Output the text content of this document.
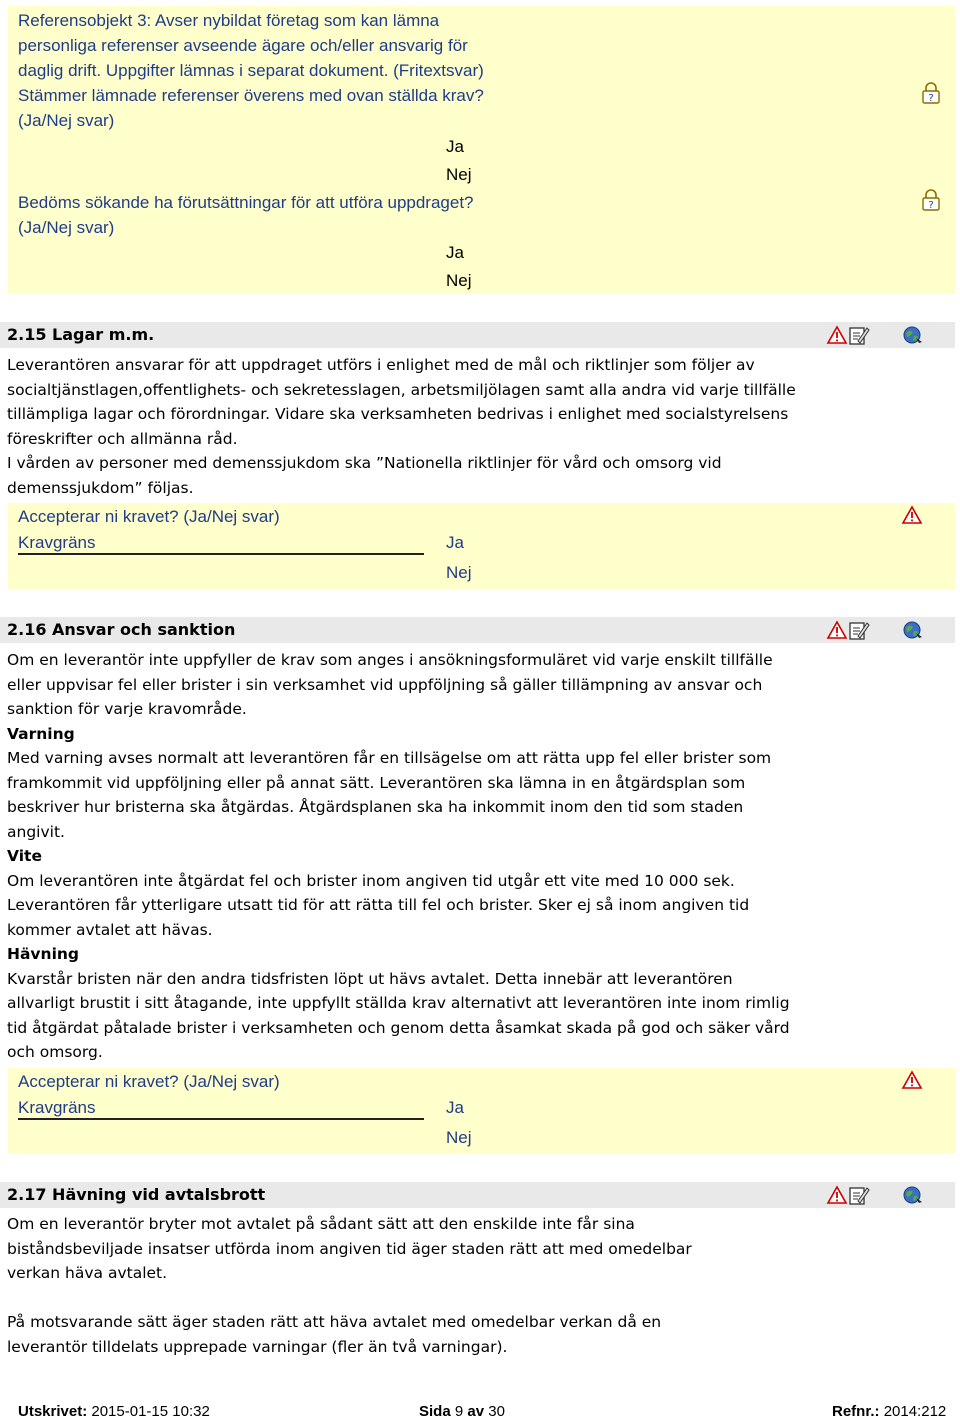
Referensobjekt 3: Avser nybildat företag som kan lämna
personliga referenser avseende ägare och/eller ansvarig för
daglig drift. Uppgifter lämnas i separat dokument. (Fritextsvar)
Stämmer lämnade referenser överens med ovan ställda krav?
(Ja/Nej svar)
Ja
Nej
Bedöms sökande ha förutsättningar för att utföra uppdraget?
(Ja/Nej svar)
Ja
Nej
?
?
2.15 Lagar m.m.

Leverantören ansvarar för att uppdraget utförs i enlighet med de mål och riktlinjer som följer av socialtjänstlagen,offentlighets- och sekretesslagen, arbetsmiljölagen samt alla andra vid varje tillfälle tillämpliga lagar och förordningar. Vidare ska verksamheten bedrivas i enlighet med socialstyrelsens föreskrifter och allmänna råd.

I vården av personer med demenssjukdom ska ”Nationella riktlinjer för vård och omsorg vid demenssjukdom” följas.

Accepterar ni kravet? (Ja/Nej svar)
Kravgräns	Ja
Nej
2.16 Ansvar och sanktion

Om en leverantör inte uppfyller de krav som anges i ansökningsformuläret vid varje enskilt tillfälle eller uppvisar fel eller brister i sin verksamhet vid uppföljning så gäller tillämpning av ansvar och sanktion för varje kravområde.

Varning

Med varning avses normalt att leverantören får en tillsägelse om att rätta upp fel eller brister som framkommit vid uppföljning eller på annat sätt. Leverantören ska lämna in en åtgärdsplan som beskriver hur bristerna ska åtgärdas. Åtgärdsplanen ska ha inkommit inom den tid som staden angivit.

Vite

Om leverantören inte åtgärdat fel och brister inom angiven tid utgår ett vite med 10 000 sek. Leverantören får ytterligare utsatt tid för att rätta till fel och brister. Sker ej så inom angiven tid kommer avtalet att hävas.

Hävning

Kvarstår bristen när den andra tidsfristen löpt ut hävs avtalet. Detta innebär att leverantören allvarligt brustit i sitt åtagande, inte uppfyllt ställda krav alternativt att leverantören inte inom rimlig tid åtgärdat påtalade brister i verksamheten och genom detta åsamkat skada på god och säker vård och omsorg.

Accepterar ni kravet? (Ja/Nej svar)
Kravgräns	Ja
Nej
2.17 Hävning vid avtalsbrott

Om en leverantör bryter mot avtalet på sådant sätt att den enskilde inte får sina biståndsbeviljade insatser utförda inom angiven tid äger staden rätt att med omedelbar verkan häva avtalet.

På motsvarande sätt äger staden rätt att häva avtalet med omedelbar verkan då en leverantör tilldelats upprepade varningar (fler än två varningar).

Utskrivet: 2015-01-15 10:32	Sida 9 av 30	Refnr.: 2014:212
